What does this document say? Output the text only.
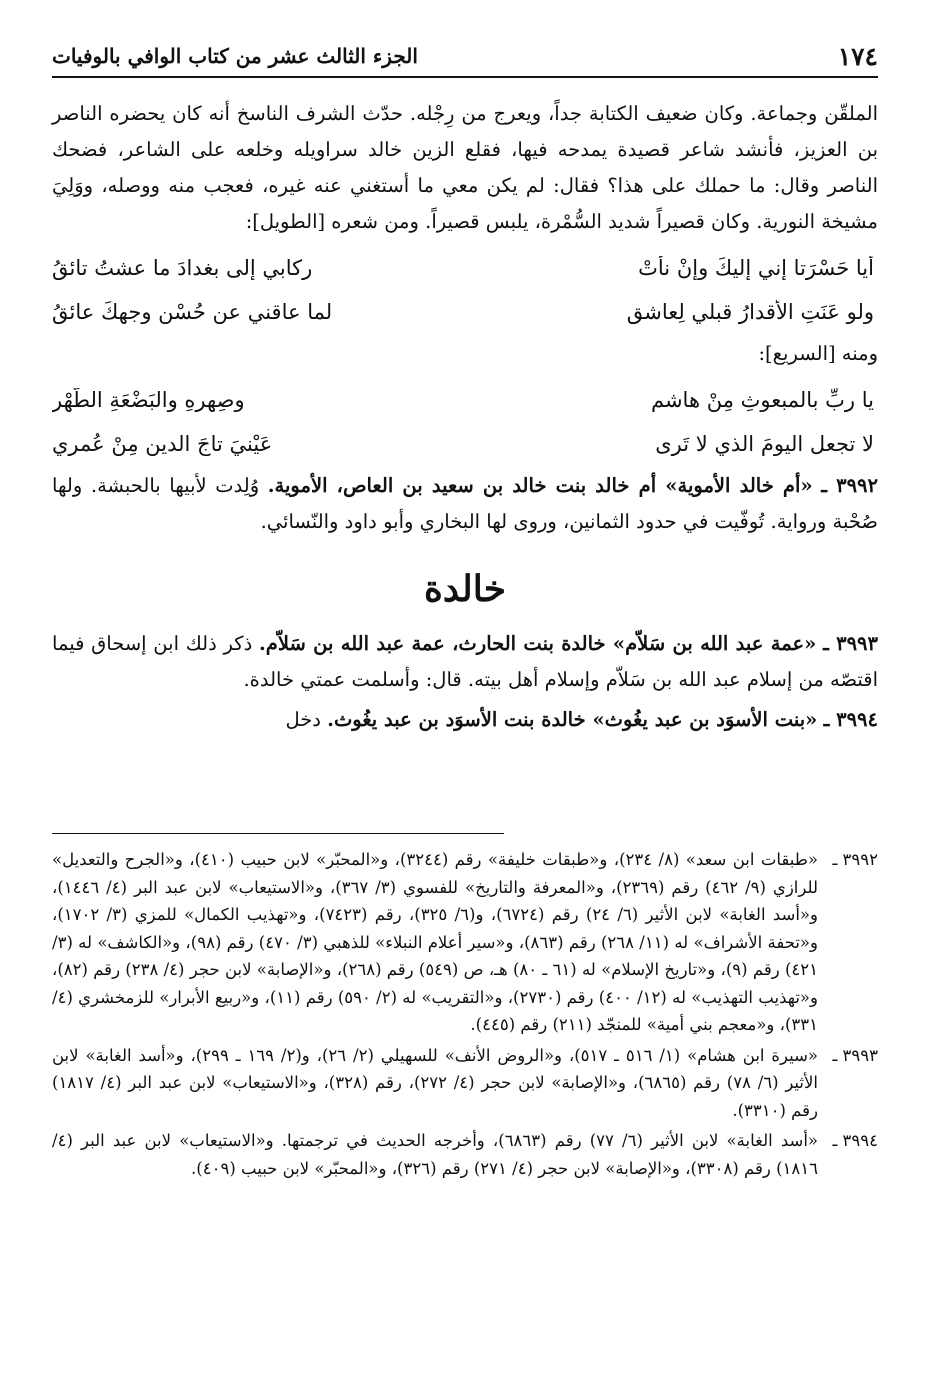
١٧٤
الجزء الثالث عشر من كتاب الوافي بالوفيات

الملقّن وجماعة. وكان ضعيف الكتابة جداً، ويعرج من رِجْله. حدّث الشرف الناسخ أنه كان يحضره الناصر بن العزيز، فأنشد شاعر قصيدة يمدحه فيها، فقلع الزين خالد سراويله وخلعه على الشاعر، فضحك الناصر وقال: ما حملك على هذا؟ فقال: لم يكن معي ما أستغني عنه غيره، فعجب منه ووصله، ووَلِيَ مشيخة النورية. وكان قصيراً شديد السُّمْرة، يلبس قصيراً. ومن شعره [الطويل]:

أيا حَسْرَتا إني إليكَ وإنْ نأتْ
رِكابي إلى بغدادَ ما عشتُ تائقُ
ولو عَنَتِ الأقدارُ قبلي لِعاشقٍ
لما عاقني عن حُسْنِ وجهكَ عائقُ

ومنه [السريع]:

يا ربِّ بالمبعوثِ مِنْ هاشمٍ
وصِهرِهِ والبَضْعَةِ الطُّهْرِ
لا تجعلِ اليومَ الذي لا تَرى
عَيْنيَ تاجَ الدينِ مِنْ عُمري

٣٩٩٢ ـ «أم خالد الأموية» أم خالد بنت خالد بن سعيد بن العاص، الأموية. وُلِدت لأبيها بالحبشة. ولها صُحْبة ورواية. تُوفّيت في حدود الثمانين، وروى لها البخاري وأبو داود والنّسائي.

خالدة

٣٩٩٣ ـ «عمة عبد الله بن سَلاّم» خالدة بنت الحارث، عمة عبد الله بن سَلاّم. ذكر ذلك ابن إسحاق فيما اقتصّه من إسلام عبد الله بن سَلاّم وإسلام أهل بيته. قال: وأسلمت عمتي خالدة.

٣٩٩٤ ـ «بنت الأسوَد بن عبد يغُوث» خالدة بنت الأسوَد بن عبد يغُوث. دخل

٣٩٩٢ ـ
«طبقات ابن سعد» (٨/ ٢٣٤)، و«طبقات خليفة» رقم (٣٢٤٤)، و«المحبّر» لابن حبيب (٤١٠)، و«الجرح والتعديل» للرازي (٩/ ٤٦٢) رقم (٢٣٦٩)، و«المعرفة والتاريخ» للفسوي (٣/ ٣٦٧)، و«الاستيعاب» لابن عبد البر (٤/ ١٤٤٦)، و«أسد الغابة» لابن الأثير (٦/ ٢٤) رقم (٦٧٢٤)، و(٦/ ٣٢٥)، رقم (٧٤٢٣)، و«تهذيب الكمال» للمزي (٣/ ١٧٠٢)، و«تحفة الأشراف» له (١١/ ٢٦٨) رقم (٨٦٣)، و«سير أعلام النبلاء» للذهبي (٣/ ٤٧٠) رقم (٩٨)، و«الكاشف» له (٣/ ٤٢١) رقم (٩)، و«تاريخ الإسلام» له (٦١ ـ ٨٠) هـ، ص (٥٤٩) رقم (٢٦٨)، و«الإصابة» لابن حجر (٤/ ٢٣٨) رقم (٨٢)، و«تهذيب التهذيب» له (١٢/ ٤٠٠) رقم (٢٧٣٠)، و«التقريب» له (٢/ ٥٩٠) رقم (١١)، و«ربيع الأبرار» للزمخشري (٤/ ٣٣١)، و«معجم بني أمية» للمنجّد (٢١١) رقم (٤٤٥).
٣٩٩٣ ـ
«سيرة ابن هشام» (١/ ٥١٦ ـ ٥١٧)، و«الروض الأنف» للسهيلي (٢/ ٢٦)، و(٢/ ١٦٩ ـ ٢٩٩)، و«أسد الغابة» لابن الأثير (٦/ ٧٨) رقم (٦٨٦٥)، و«الإصابة» لابن حجر (٤/ ٢٧٢)، رقم (٣٢٨)، و«الاستيعاب» لابن عبد البر (٤/ ١٨١٧) رقم (٣٣١٠).
٣٩٩٤ ـ
«أسد الغابة» لابن الأثير (٦/ ٧٧) رقم (٦٨٦٣)، وأخرجه الحديث في ترجمتها. و«الاستيعاب» لابن عبد البر (٤/ ١٨١٦) رقم (٣٣٠٨)، و«الإصابة» لابن حجر (٤/ ٢٧١) رقم (٣٢٦)، و«المحبّر» لابن حبيب (٤٠٩).
